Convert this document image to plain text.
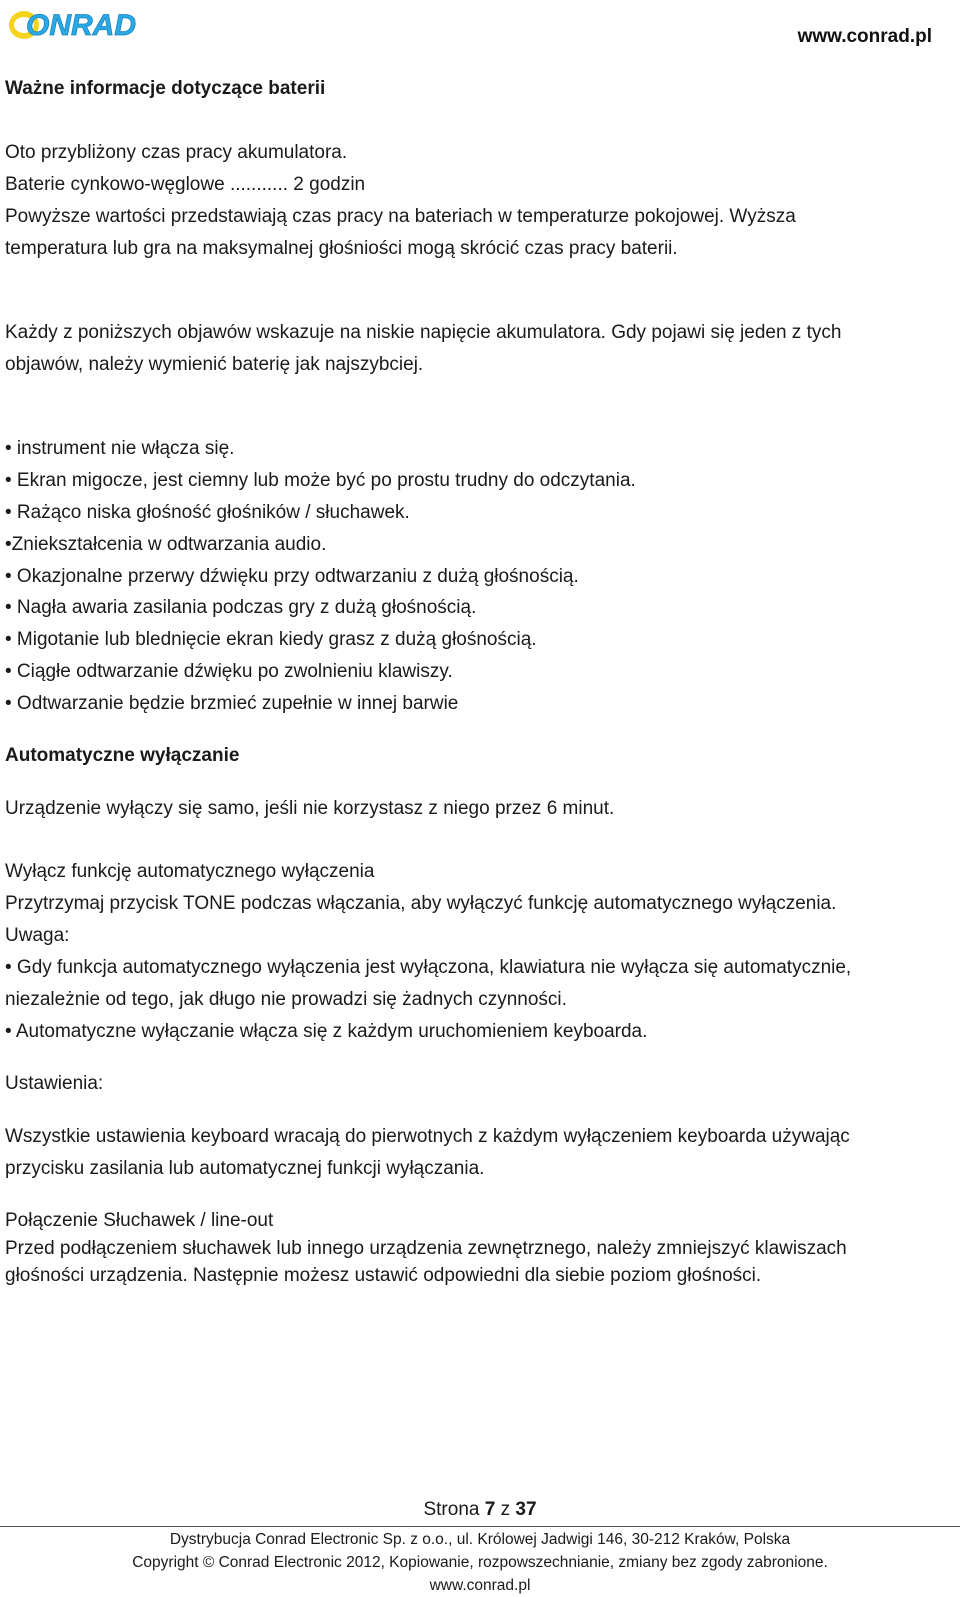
ONRAD	www.conrad.pl
Ważne informacje dotyczące baterii
Oto przybliżony czas pracy akumulatora.
Baterie cynkowo-węglowe ........... 2 godzin
Powyższe wartości przedstawiają czas pracy na bateriach w temperaturze pokojowej. Wyższa
temperatura lub gra na maksymalnej głośniości mogą skrócić czas pracy baterii.
Każdy z poniższych objawów wskazuje na niskie napięcie akumulatora. Gdy pojawi się jeden z tych
objawów, należy wymienić baterię jak najszybciej.
• instrument nie włącza się.
• Ekran migocze, jest ciemny lub może być po prostu trudny do odczytania.
• Rażąco niska głośność głośników / słuchawek.
•Zniekształcenia w odtwarzania audio.
• Okazjonalne przerwy dźwięku przy odtwarzaniu z dużą głośnością.
• Nagła awaria zasilania podczas gry z dużą głośnością.
• Migotanie lub blednięcie ekran kiedy grasz z dużą głośnością.
• Ciągłe odtwarzanie dźwięku po zwolnieniu klawiszy.
• Odtwarzanie będzie brzmieć zupełnie w innej barwie
Automatyczne wyłączanie
Urządzenie wyłączy się samo, jeśli nie korzystasz z niego przez 6 minut.
Wyłącz funkcję automatycznego wyłączenia
Przytrzymaj przycisk TONE podczas włączania, aby wyłączyć funkcję automatycznego wyłączenia.
Uwaga:
• Gdy funkcja automatycznego wyłączenia jest wyłączona, klawiatura nie wyłącza się automatycznie,
niezależnie od tego, jak długo nie prowadzi się żadnych czynności.
• Automatyczne wyłączanie włącza się z każdym uruchomieniem keyboarda.
Ustawienia:
Wszystkie ustawienia keyboard wracają do pierwotnych z każdym wyłączeniem keyboarda używając
przycisku zasilania lub automatycznej funkcji wyłączania.
Połączenie Słuchawek / line-out
Przed podłączeniem słuchawek lub innego urządzenia zewnętrznego, należy zmniejszyć klawiszach
głośności urządzenia. Następnie możesz ustawić odpowiedni dla siebie poziom głośności.
Strona 7 z 37
Dystrybucja Conrad Electronic Sp. z o.o., ul. Królowej Jadwigi 146, 30-212 Kraków, Polska
Copyright © Conrad Electronic 2012, Kopiowanie, rozpowszechnianie, zmiany bez zgody zabronione.
www.conrad.pl
